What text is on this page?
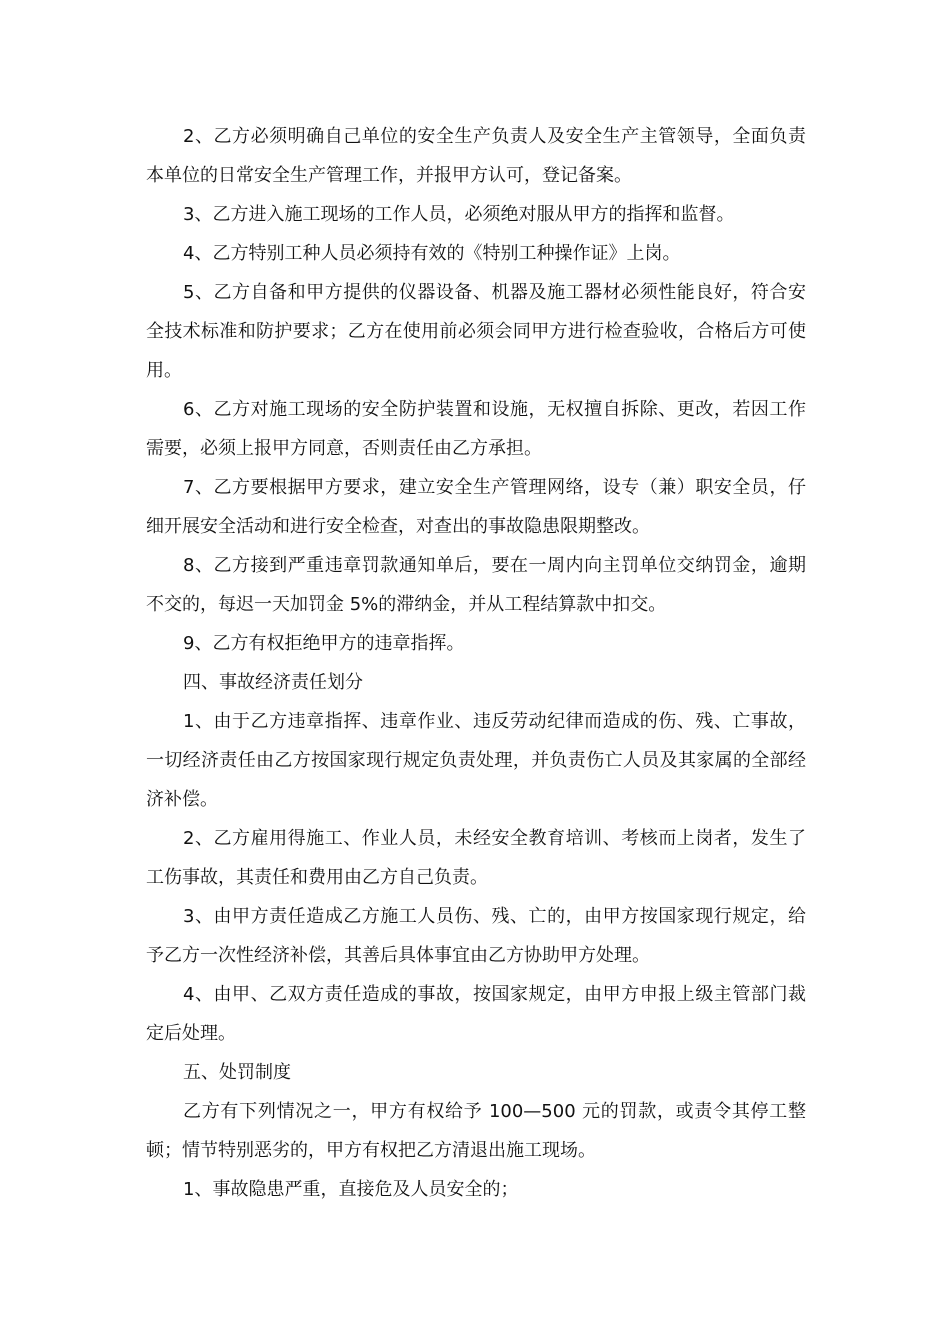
2、乙方必须明确自己单位的安全生产负责人及安全生产主管领导，全面负责本单位的日常安全生产管理工作，并报甲方认可，登记备案。

3、乙方进入施工现场的工作人员，必须绝对服从甲方的指挥和监督。

4、乙方特别工种人员必须持有效的《特别工种操作证》上岗。

5、乙方自备和甲方提供的仪器设备、机器及施工器材必须性能良好，符合安全技术标准和防护要求；乙方在使用前必须会同甲方进行检查验收，合格后方可使用。

6、乙方对施工现场的安全防护装置和设施，无权擅自拆除、更改，若因工作需要，必须上报甲方同意，否则责任由乙方承担。

7、乙方要根据甲方要求，建立安全生产管理网络，设专（兼）职安全员，仔细开展安全活动和进行安全检查，对查出的事故隐患限期整改。

8、乙方接到严重违章罚款通知单后，要在一周内向主罚单位交纳罚金，逾期不交的，每迟一天加罚金 5%的滞纳金，并从工程结算款中扣交。

9、乙方有权拒绝甲方的违章指挥。

四、事故经济责任划分

1、由于乙方违章指挥、违章作业、违反劳动纪律而造成的伤、残、亡事故，一切经济责任由乙方按国家现行规定负责处理，并负责伤亡人员及其家属的全部经济补偿。

2、乙方雇用得施工、作业人员，未经安全教育培训、考核而上岗者，发生了工伤事故，其责任和费用由乙方自己负责。

3、由甲方责任造成乙方施工人员伤、残、亡的，由甲方按国家现行规定，给予乙方一次性经济补偿，其善后具体事宜由乙方协助甲方处理。

4、由甲、乙双方责任造成的事故，按国家规定，由甲方申报上级主管部门裁定后处理。

五、处罚制度

乙方有下列情况之一，甲方有权给予 100—500 元的罚款，或责令其停工整顿；情节特别恶劣的，甲方有权把乙方清退出施工现场。

1、事故隐患严重，直接危及人员安全的；
